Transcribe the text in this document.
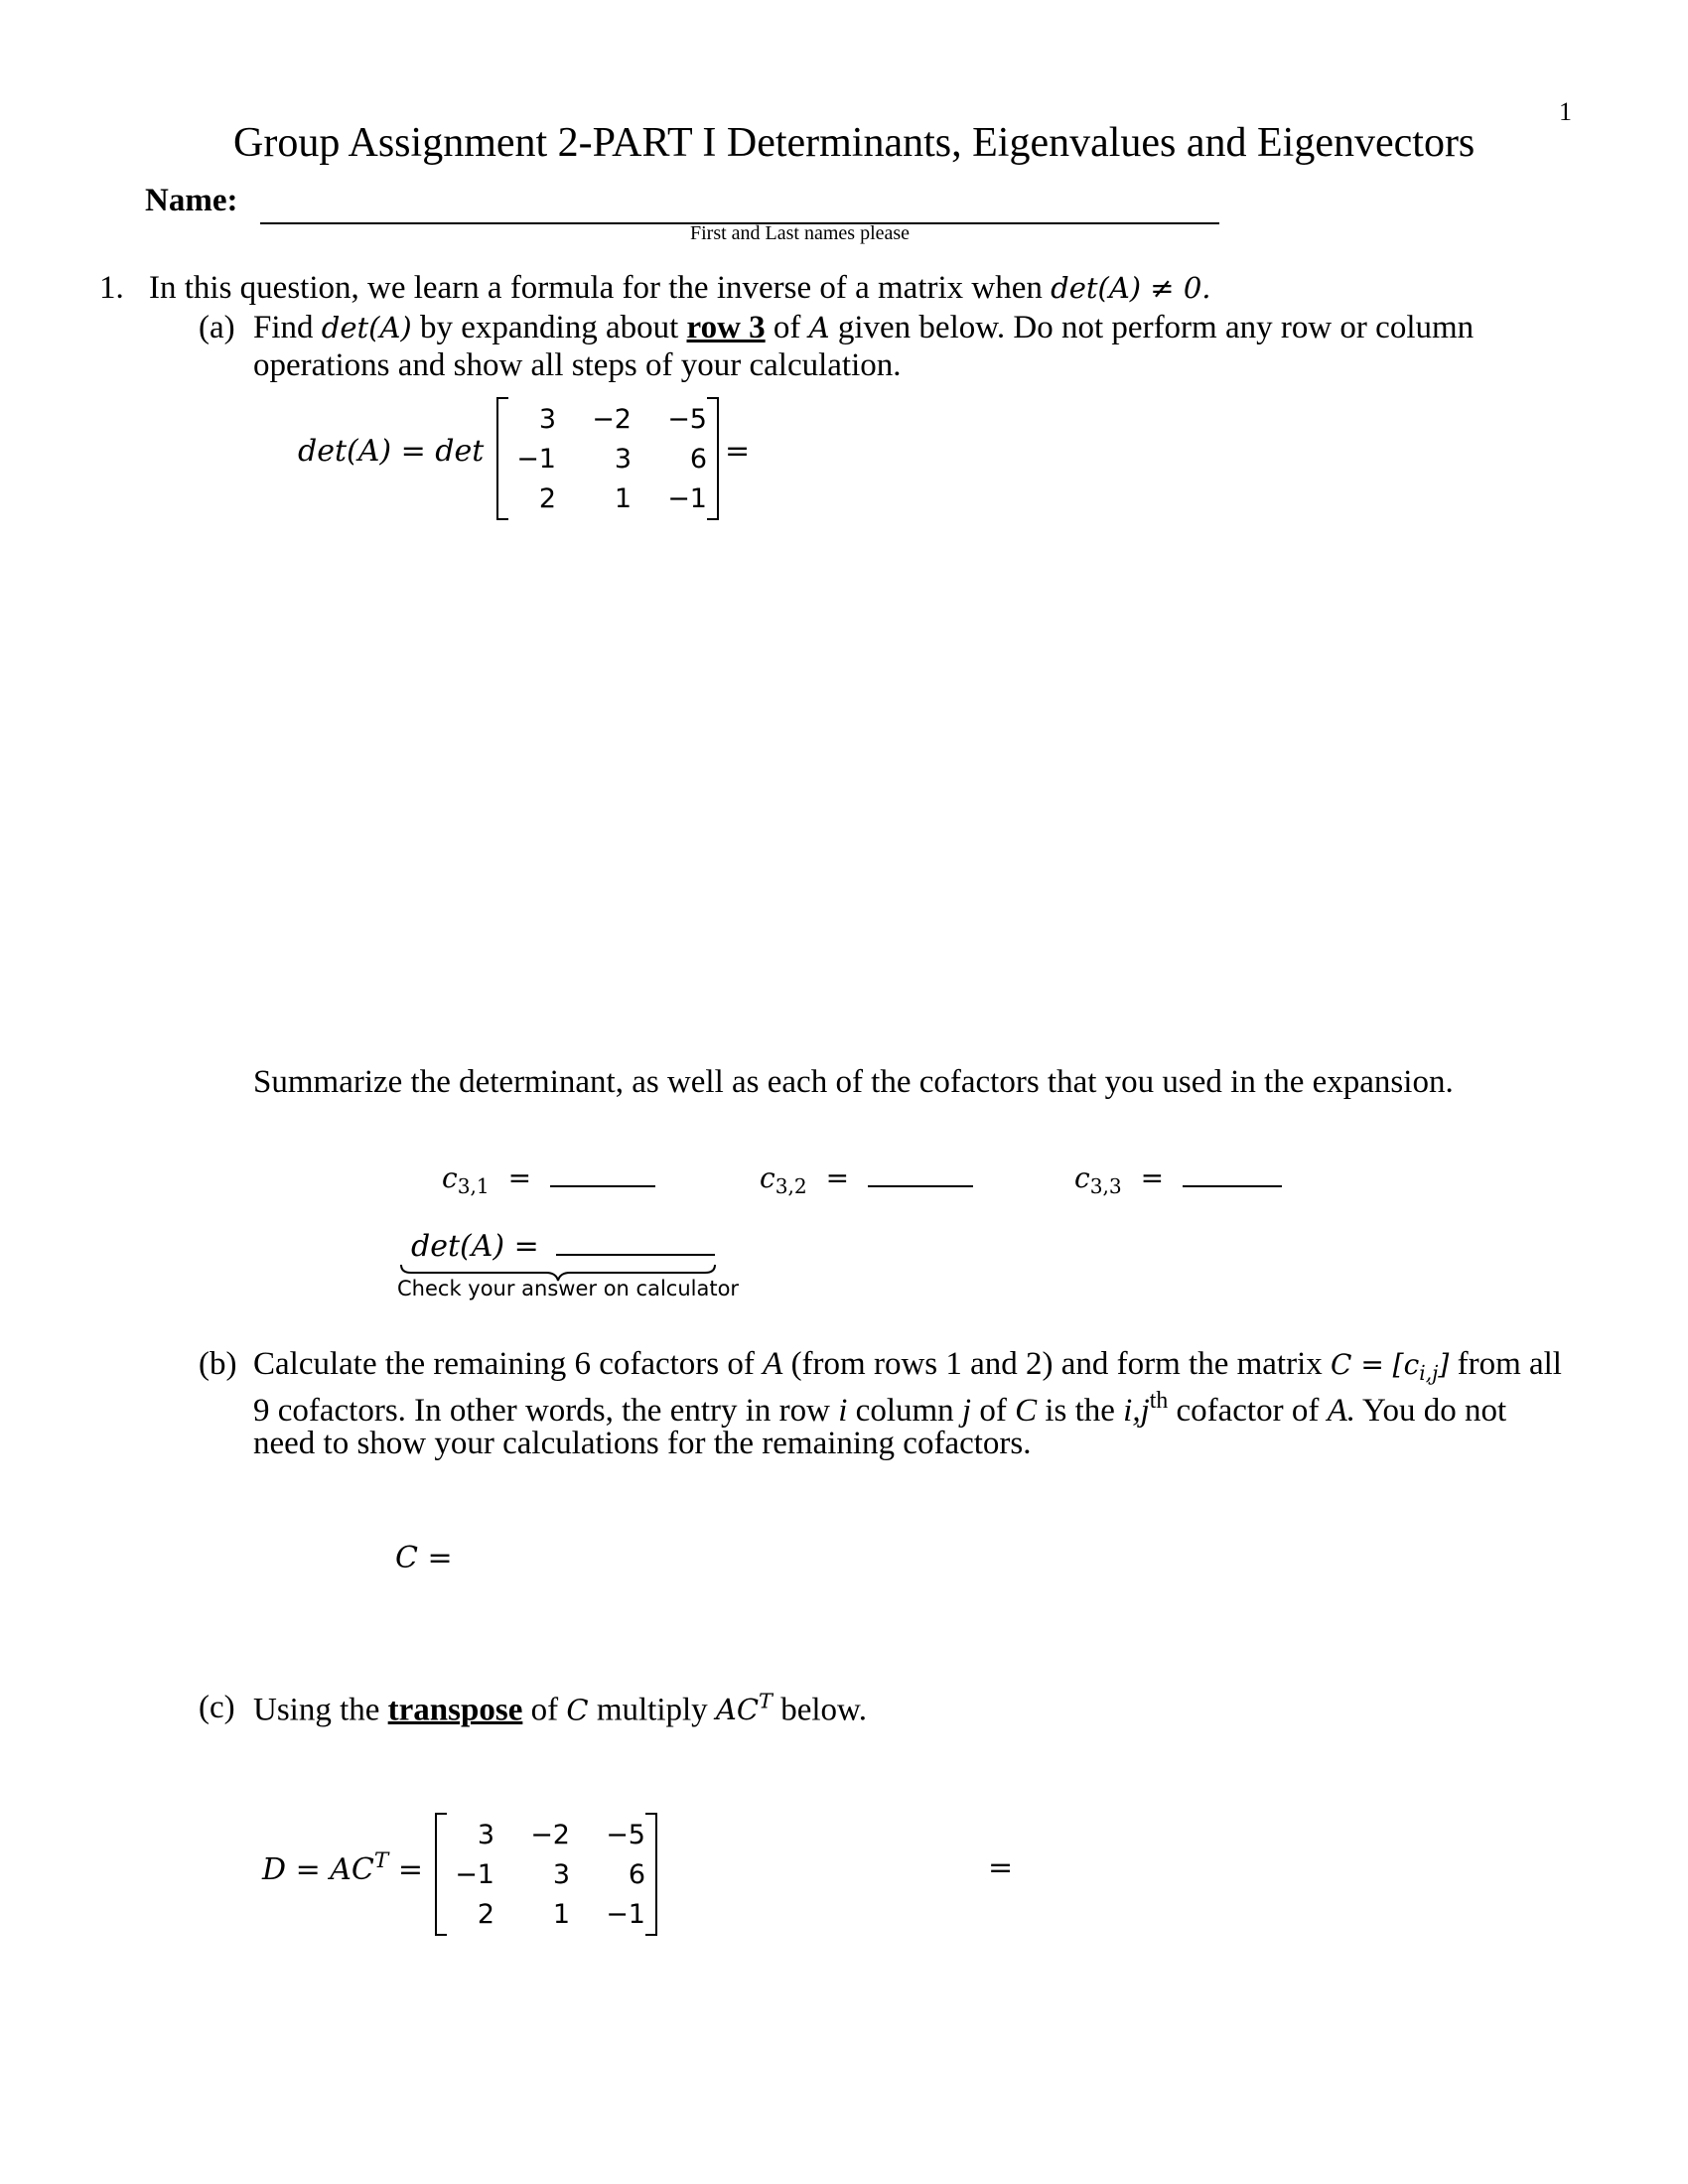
1
Group Assignment 2-PART I Determinants, Eigenvalues and Eigenvectors
Name:
First and Last names please
1. In this question, we learn a formula for the inverse of a matrix when det(A) ≠ 0.
(a) Find det(A) by expanding about row 3 of A given below. Do not perform any row or column
operations and show all steps of your calculation.
det(A) = det
3	−2	−5
−1	3	6
2	1	−1
=
Summarize the determinant, as well as each of the cofactors that you used in the expansion.
$c_{3,1}$ =	$c_{3,2}$ =	$c_{3,3}$ =
det(A) =
Check your answer on calculator
(b) Calculate the remaining 6 cofactors of A (from rows 1 and 2) and form the matrix $C = [c_{i,j}]$ from all
9 cofactors. In other words, the entry in row i column j of C is the $i,j^{th}$ cofactor of A. You do not
need to show your calculations for the remaining cofactors.
C =
(c) Using the transpose of C multiply $AC^T$ below.
$D = AC^T$ =
3	−2	−5
−1	3	6
2	1	−1
=
